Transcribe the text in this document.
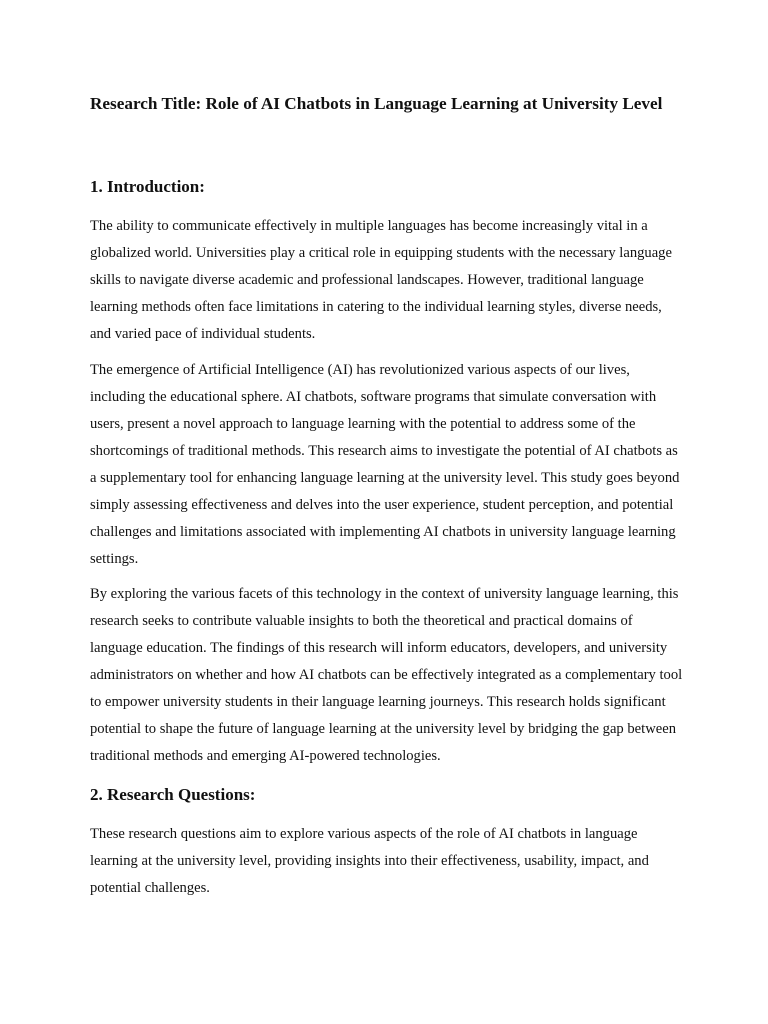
Research Title: Role of AI Chatbots in Language Learning at University Level
1. Introduction:

The ability to communicate effectively in multiple languages has become increasingly vital in a globalized world. Universities play a critical role in equipping students with the necessary language skills to navigate diverse academic and professional landscapes. However, traditional language learning methods often face limitations in catering to the individual learning styles, diverse needs, and varied pace of individual students.

The emergence of Artificial Intelligence (AI) has revolutionized various aspects of our lives, including the educational sphere. AI chatbots, software programs that simulate conversation with users, present a novel approach to language learning with the potential to address some of the shortcomings of traditional methods. This research aims to investigate the potential of AI chatbots as a supplementary tool for enhancing language learning at the university level. This study goes beyond simply assessing effectiveness and delves into the user experience, student perception, and potential challenges and limitations associated with implementing AI chatbots in university language learning settings.

By exploring the various facets of this technology in the context of university language learning, this research seeks to contribute valuable insights to both the theoretical and practical domains of language education. The findings of this research will inform educators, developers, and university administrators on whether and how AI chatbots can be effectively integrated as a complementary tool to empower university students in their language learning journeys. This research holds significant potential to shape the future of language learning at the university level by bridging the gap between traditional methods and emerging AI-powered technologies.

2. Research Questions:

These research questions aim to explore various aspects of the role of AI chatbots in language learning at the university level, providing insights into their effectiveness, usability, impact, and potential challenges.
